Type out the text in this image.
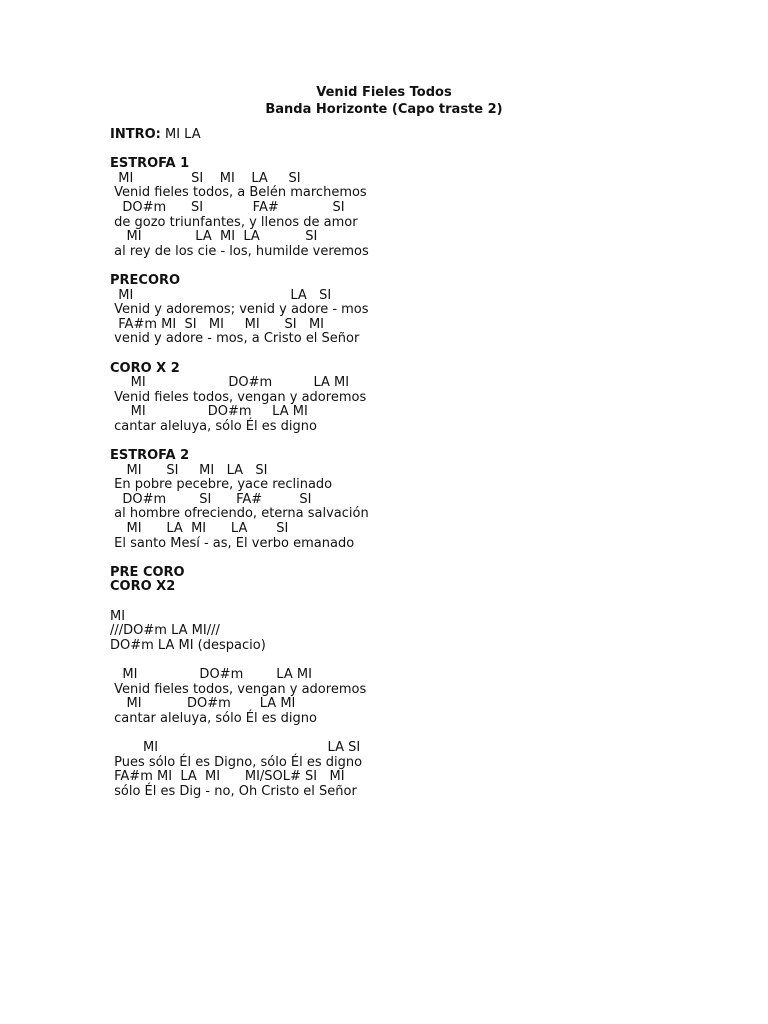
Venid Fieles Todos
Banda Horizonte (Capo traste 2)
INTRO: MI LA
ESTROFA 1
MI              SI    MI    LA     SI
Venid fieles todos, a Belén marchemos
DO#m      SI            FA#             SI
de gozo triunfantes, y llenos de amor
MI             LA  MI  LA           SI
al rey de los cie - los, humilde veremos
PRECORO
MI                                      LA   SI
Venid y adoremos; venid y adore - mos
FA#m MI  SI   MI     MI      SI   MI
venid y adore - mos, a Cristo el Señor
CORO X 2
MI                    DO#m          LA MI
Venid fieles todos, vengan y adoremos
MI               DO#m     LA MI
cantar aleluya, sólo Él es digno
ESTROFA 2
MI      SI     MI   LA   SI
En pobre pecebre, yace reclinado
DO#m        SI      FA#         SI
al hombre ofreciendo, eterna salvación
MI      LA  MI      LA       SI
El santo Mesí - as, El verbo emanado
PRE CORO
CORO X2
MI
///DO#m LA MI///
DO#m LA MI (despacio)
MI               DO#m        LA MI
Venid fieles todos, vengan y adoremos
MI           DO#m       LA MI
cantar aleluya, sólo Él es digno
MI                                         LA SI
Pues sólo Él es Digno, sólo Él es digno
FA#m MI  LA  MI      MI/SOL# SI   MI
sólo Él es Dig - no, Oh Cristo el Señor
